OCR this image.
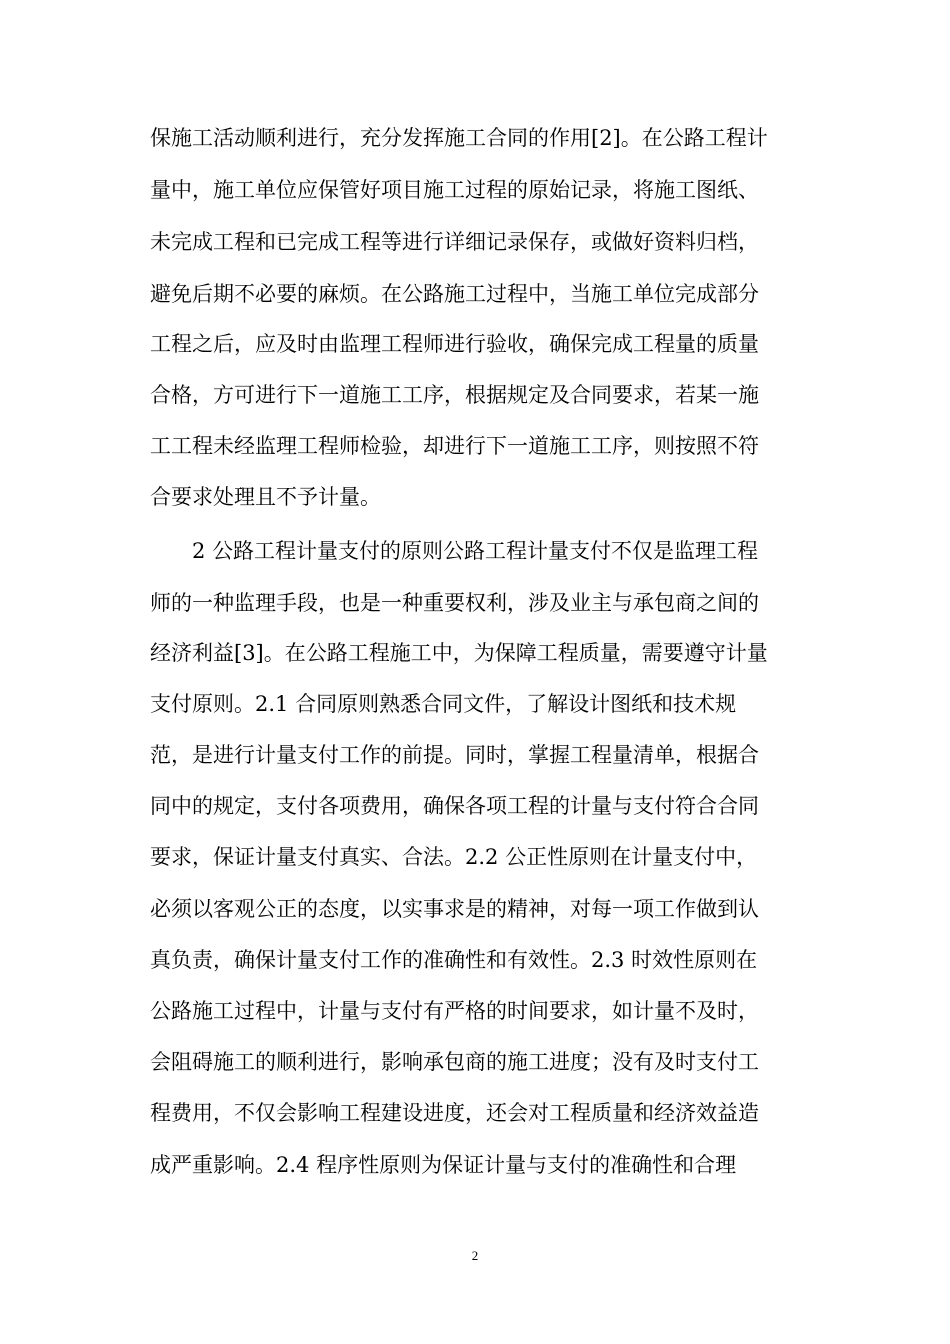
保施工活动顺利进行，充分发挥施工合同的作用[2]。在公路工程计
量中，施工单位应保管好项目施工过程的原始记录，将施工图纸、
未完成工程和已完成工程等进行详细记录保存，或做好资料归档，
避免后期不必要的麻烦。在公路施工过程中，当施工单位完成部分
工程之后，应及时由监理工程师进行验收，确保完成工程量的质量
合格，方可进行下一道施工工序，根据规定及合同要求，若某一施
工工程未经监理工程师检验，却进行下一道施工工序，则按照不符
合要求处理且不予计量。
2 公路工程计量支付的原则公路工程计量支付不仅是监理工程
师的一种监理手段，也是一种重要权利，涉及业主与承包商之间的
经济利益[3]。在公路工程施工中，为保障工程质量，需要遵守计量
支付原则。2.1 合同原则熟悉合同文件，了解设计图纸和技术规
范，是进行计量支付工作的前提。同时，掌握工程量清单，根据合
同中的规定，支付各项费用，确保各项工程的计量与支付符合合同
要求，保证计量支付真实、合法。2.2 公正性原则在计量支付中，
必须以客观公正的态度，以实事求是的精神，对每一项工作做到认
真负责，确保计量支付工作的准确性和有效性。2.3 时效性原则在
公路施工过程中，计量与支付有严格的时间要求，如计量不及时，
会阻碍施工的顺利进行，影响承包商的施工进度；没有及时支付工
程费用，不仅会影响工程建设进度，还会对工程质量和经济效益造
成严重影响。2.4 程序性原则为保证计量与支付的准确性和合理
2
